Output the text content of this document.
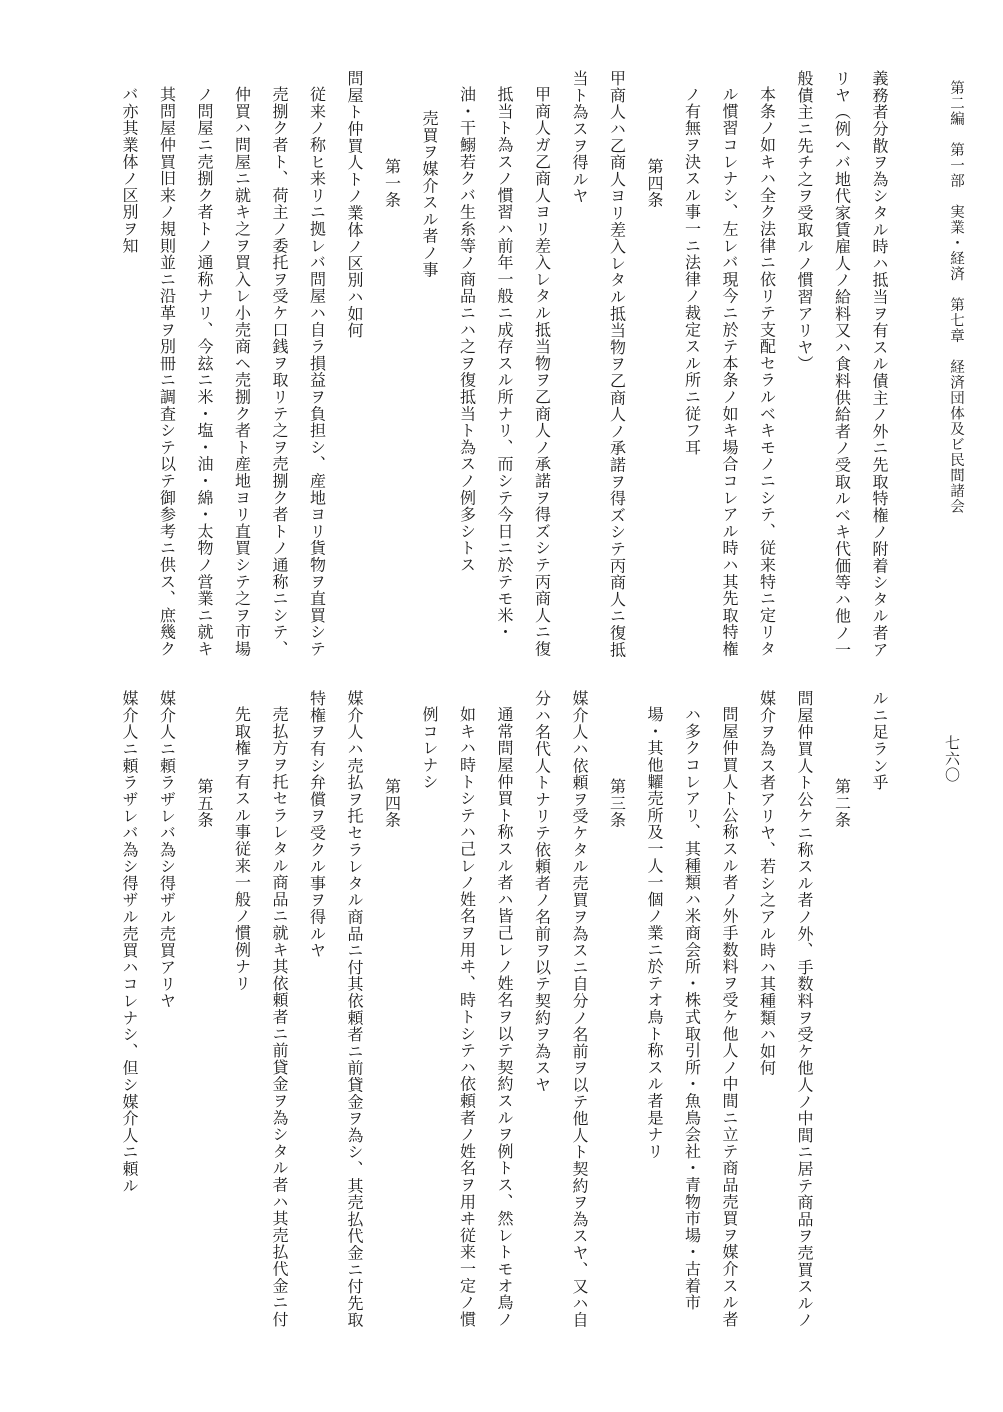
第二編　第一部　実業・経済　第七章　経済団体及ビ民間諸会
七六〇
義務者分散ヲ為シタル時ハ抵当ヲ有スル債主ノ外ニ先取特権ノ附着シタル者アリヤ（例ヘバ地代家賃雇人ノ給料又ハ食料供給者ノ受取ルベキ代価等ハ他ノ一般債主ニ先チ之ヲ受取ルノ慣習アリヤ）
本条ノ如キハ全ク法律ニ依リテ支配セラルベキモノニシテ、従来特ニ定リタル慣習コレナシ、左レバ現今ニ於テ本条ノ如キ場合コレアル時ハ其先取特権ノ有無ヲ決スル事一ニ法律ノ裁定スル所ニ従フ耳
第四条
甲商人ハ乙商人ヨリ差入レタル抵当物ヲ乙商人ノ承諾ヲ得ズシテ丙商人ニ復抵当ト為スヲ得ルヤ
甲商人ガ乙商人ヨリ差入レタル抵当物ヲ乙商人ノ承諾ヲ得ズシテ丙商人ニ復抵当ト為スノ慣習ハ前年一般ニ成存スル所ナリ、而シテ今日ニ於テモ米・油・干鰯若クバ生糸等ノ商品ニハ之ヲ復抵当ト為スノ例多シトス
売買ヲ媒介スル者ノ事
第一条
問屋ト仲買人トノ業体ノ区別ハ如何
従来ノ称ヒ来リニ拠レバ問屋ハ自ラ損益ヲ負担シ、産地ヨリ貨物ヲ直買シテ売捌ク者ト、荷主ノ委托ヲ受ケ口銭ヲ取リテ之ヲ売捌ク者トノ通称ニシテ、仲買ハ問屋ニ就キ之ヲ買入レ小売商ヘ売捌ク者ト産地ヨリ直買シテ之ヲ市場ノ問屋ニ売捌ク者トノ通称ナリ、今玆ニ米・塩・油・綿・太物ノ営業ニ就キ其問屋仲買旧来ノ規則並ニ沿革ヲ別冊ニ調査シテ以テ御参考ニ供ス、庶幾クバ亦其業体ノ区別ヲ知
ルニ足ラン乎
第二条
問屋仲買人ト公ケニ称スル者ノ外、手数料ヲ受ケ他人ノ中間ニ居テ商品ヲ売買スルノ媒介ヲ為ス者アリヤ、若シ之アル時ハ其種類ハ如何
問屋仲買人ト公称スル者ノ外手数料ヲ受ケ他人ノ中間ニ立テ商品売買ヲ媒介スル者ハ多クコレアリ、其種類ハ米商会所・株式取引所・魚鳥会社・青物市場・古着市場・其他糶売所及一人一個ノ業ニ於テオ鳥ト称スル者是ナリ
第三条
媒介人ハ依頼ヲ受ケタル売買ヲ為スニ自分ノ名前ヲ以テ他人ト契約ヲ為スヤ、又ハ自分ハ名代人トナリテ依頼者ノ名前ヲ以テ契約ヲ為スヤ
通常問屋仲買ト称スル者ハ皆己レノ姓名ヲ以テ契約スルヲ例トス、然レトモオ鳥ノ如キハ時トシテハ己レノ姓名ヲ用ヰ、時トシテハ依頼者ノ姓名ヲ用ヰ従来一定ノ慣例コレナシ
第四条
媒介人ハ売払ヲ托セラレタル商品ニ付其依頼者ニ前貸金ヲ為シ、其売払代金ニ付先取特権ヲ有シ弁償ヲ受クル事ヲ得ルヤ
売払方ヲ托セラレタル商品ニ就キ其依頼者ニ前貸金ヲ為シタル者ハ其売払代金ニ付先取権ヲ有スル事従来一般ノ慣例ナリ
第五条
媒介人ニ頼ラザレバ為シ得ザル売買アリヤ
媒介人ニ頼ラザレバ為シ得ザル売買ハコレナシ、但シ媒介人ニ頼ル
